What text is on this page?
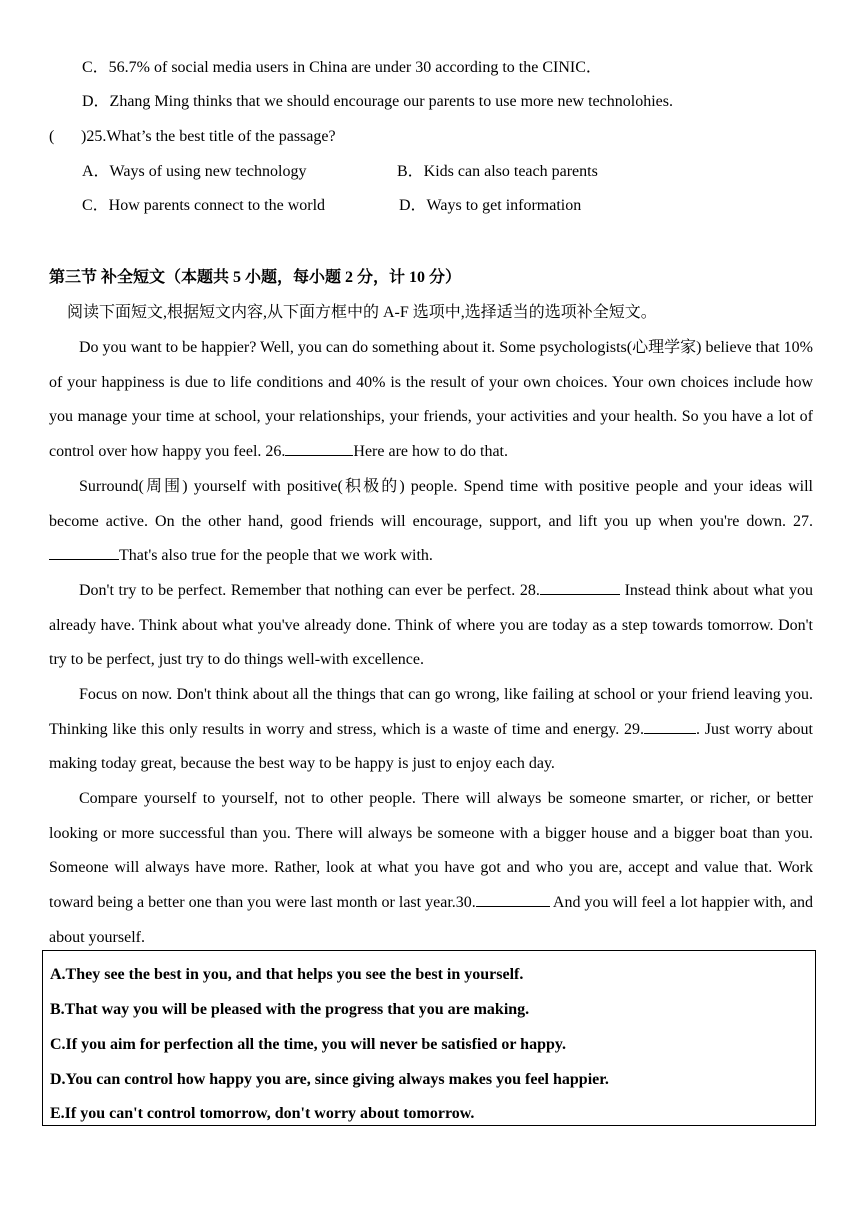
C．56.7% of social media users in China are under 30 according to the CINIC．
D．Zhang Ming thinks that we should encourage our parents to use more new technolohies.
( )25.What’s the best title of the passage?
A．Ways of using new technology	B．Kids can also teach parents
C．How parents connect to the world	D．Ways to get information
第三节 补全短文（本题共 5 小题，每小题 2 分，计 10 分）
阅读下面短文,根据短文内容,从下面方框中的 A-F 选项中,选择适当的选项补全短文。
Do you want to be happier? Well, you can do something about it. Some psychologists(心理学家) believe that 10% of your happiness is due to life conditions and 40% is the result of your own choices. Your own choices include how you manage your time at school, your relationships, your friends, your activities and your health. So you have a lot of control over how happy you feel. 26.	Here are how to do that.
Surround(周围) yourself with positive(积极的) people. Spend time with positive people and your ideas will become active. On the other hand, good friends will encourage, support, and lift you up when you're down. 27.That's also true for the people that we work with.
Don't try to be perfect. Remember that nothing can ever be perfect. 28.	Instead think about what you already have. Think about what you've already done. Think of where you are today as a step towards tomorrow. Don't try to be perfect, just try to do things well-with excellence.
Focus on now. Don't think about all the things that can go wrong, like failing at school or your friend leaving you. Thinking like this only results in worry and stress, which is a waste of time and energy. 29.	. Just worry about making today great, because the best way to be happy is just to enjoy each day.
Compare yourself to yourself, not to other people. There will always be someone smarter, or richer, or better looking or more successful than you. There will always be someone with a bigger house and a bigger boat than you. Someone will always have more. Rather, look at what you have got and who you are, accept and value that. Work toward being a better one than you were last month or last year.30.	And you will feel a lot happier with, and about yourself.
A.They see the best in you, and that helps you see the best in yourself.
B.That way you will be pleased with the progress that you are making.
C.If you aim for perfection all the time, you will never be satisfied or happy.
D.You can control how happy you are, since giving always makes you feel happier.
E.If you can't control tomorrow, don't worry about tomorrow.
